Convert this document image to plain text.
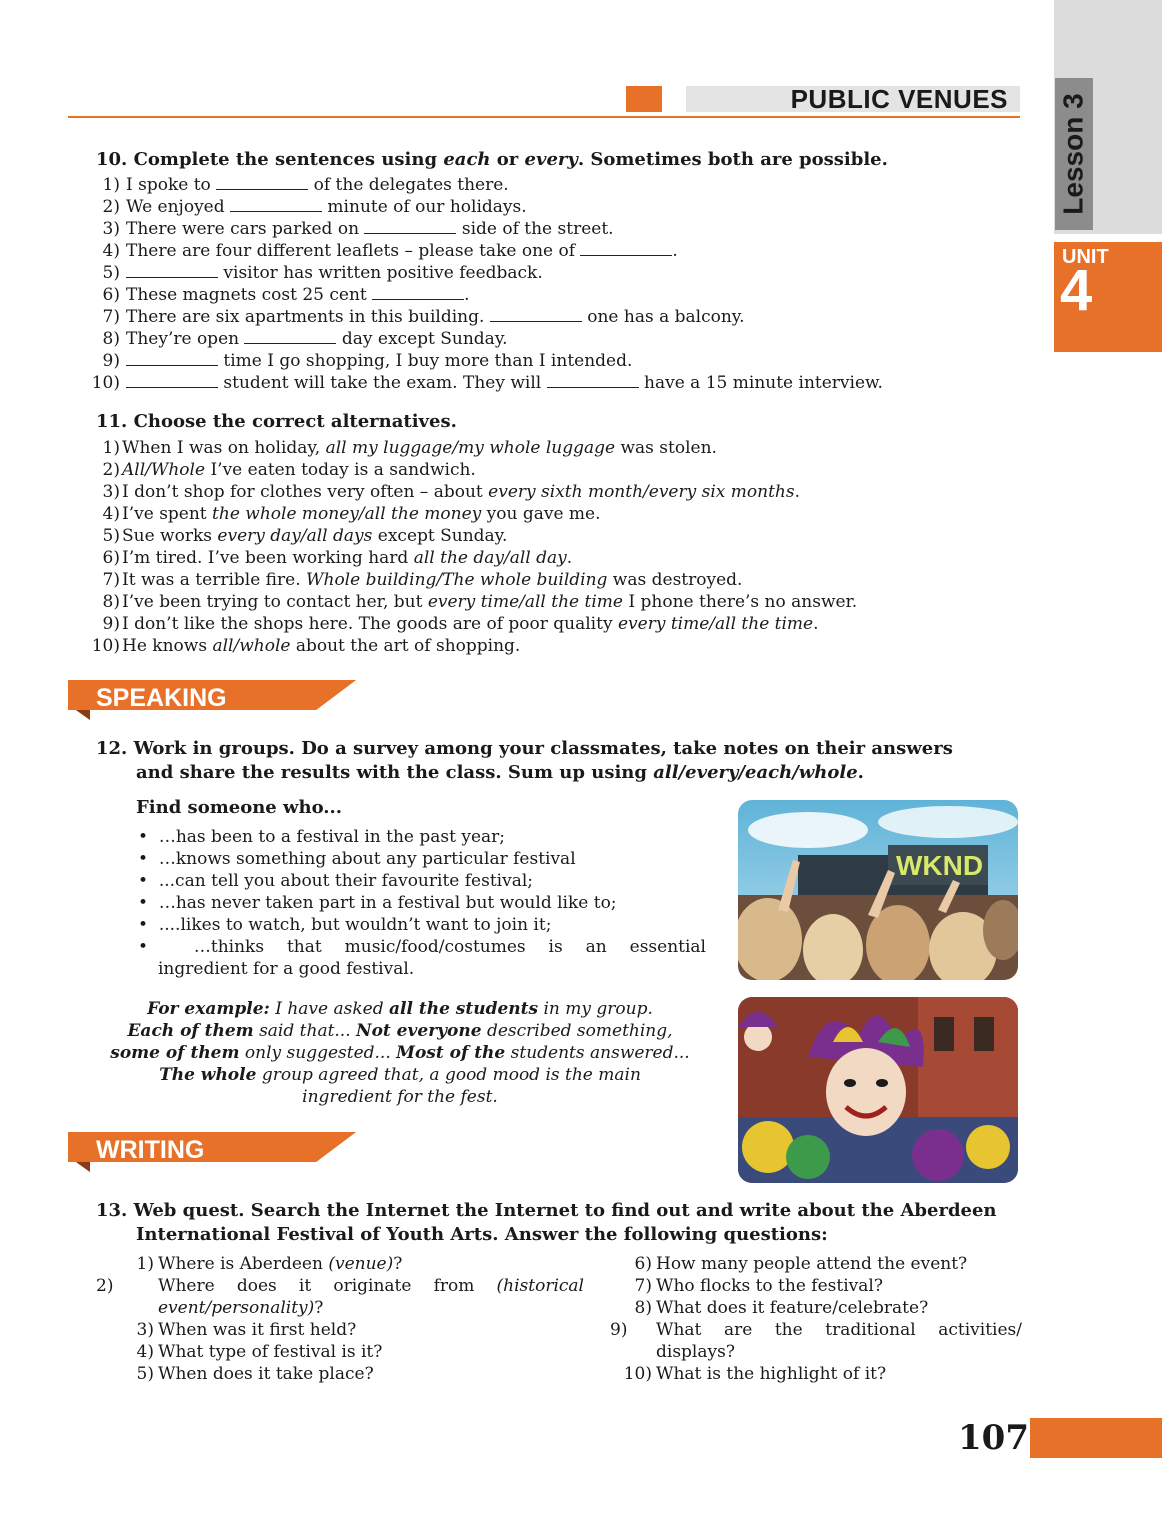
PUBLIC VENUES Lesson 3
UNIT
4
10. Complete the sentences using each or every. Sometimes both are possible.
1) I spoke to	of the delegates there.
2) We enjoyed	minute of our holidays.
3) There were cars parked on	side of the street.
4) There are four different leaflets – please take one of	.
5)	visitor has written positive feedback.
6) These magnets cost 25 cent	.
7) There are six apartments in this building.	one has a balcony.
8) They’re open	day except Sunday.
9)	time I go shopping, I buy more than I intended.
10)	student will take the exam. They will	have a 15 minute interview.
11. Choose the correct alternatives.
1) When I was on holiday, all my luggage/my whole luggage was stolen.
2) All/Whole I’ve eaten today is a sandwich.
3) I don’t shop for clothes very often – about every sixth month/every six months.
4) I’ve spent the whole money/all the money you gave me.
5) Sue works every day/all days except Sunday.
6) I’m tired. I’ve been working hard all the day/all day.
7) It was a terrible fire. Whole building/The whole building was destroyed.
8) I’ve been trying to contact her, but every time/all the time I phone there’s no answer.
9) I don’t like the shops here. The goods are of poor quality every time/all the time.
10) He knows all/whole about the art of shopping.
SPEAKING
12. Work in groups. Do a survey among your classmates, take notes on their answers
and share the results with the class. Sum up using all/every/each/whole.
Find someone who...
•  …has been to a festival in the past year;
•  …knows something about any particular festival
•  ...can tell you about their favourite festival;
•  …has never taken part in a festival but would like to;
•  ....likes to watch, but wouldn’t want to join it;
•  …thinks that music/food/costumes is an essential
ingredient for a good festival.
For example: I have asked all the students in my group.
Each of them said that... Not everyone described something,
some of them only suggested... Most of the students answered...
The whole group agreed that, a good mood is the main
ingredient for the fest.
WKND
WRITING
13. Web quest. Search the Internet the Internet to find out and write about the Aberdeen
International Festival of Youth Arts. Answer the following questions:
1) Where is Aberdeen (venue)?
2)	Where does it originate from (historical
event/personality)?
3) When was it first held?
4) What type of festival is it?
5) When does it take place?
6) How many people attend the event?
7) Who flocks to the festival?
8) What does it feature/celebrate?
9) What are the traditional activities/
displays?
10) What is the highlight of it?
107
